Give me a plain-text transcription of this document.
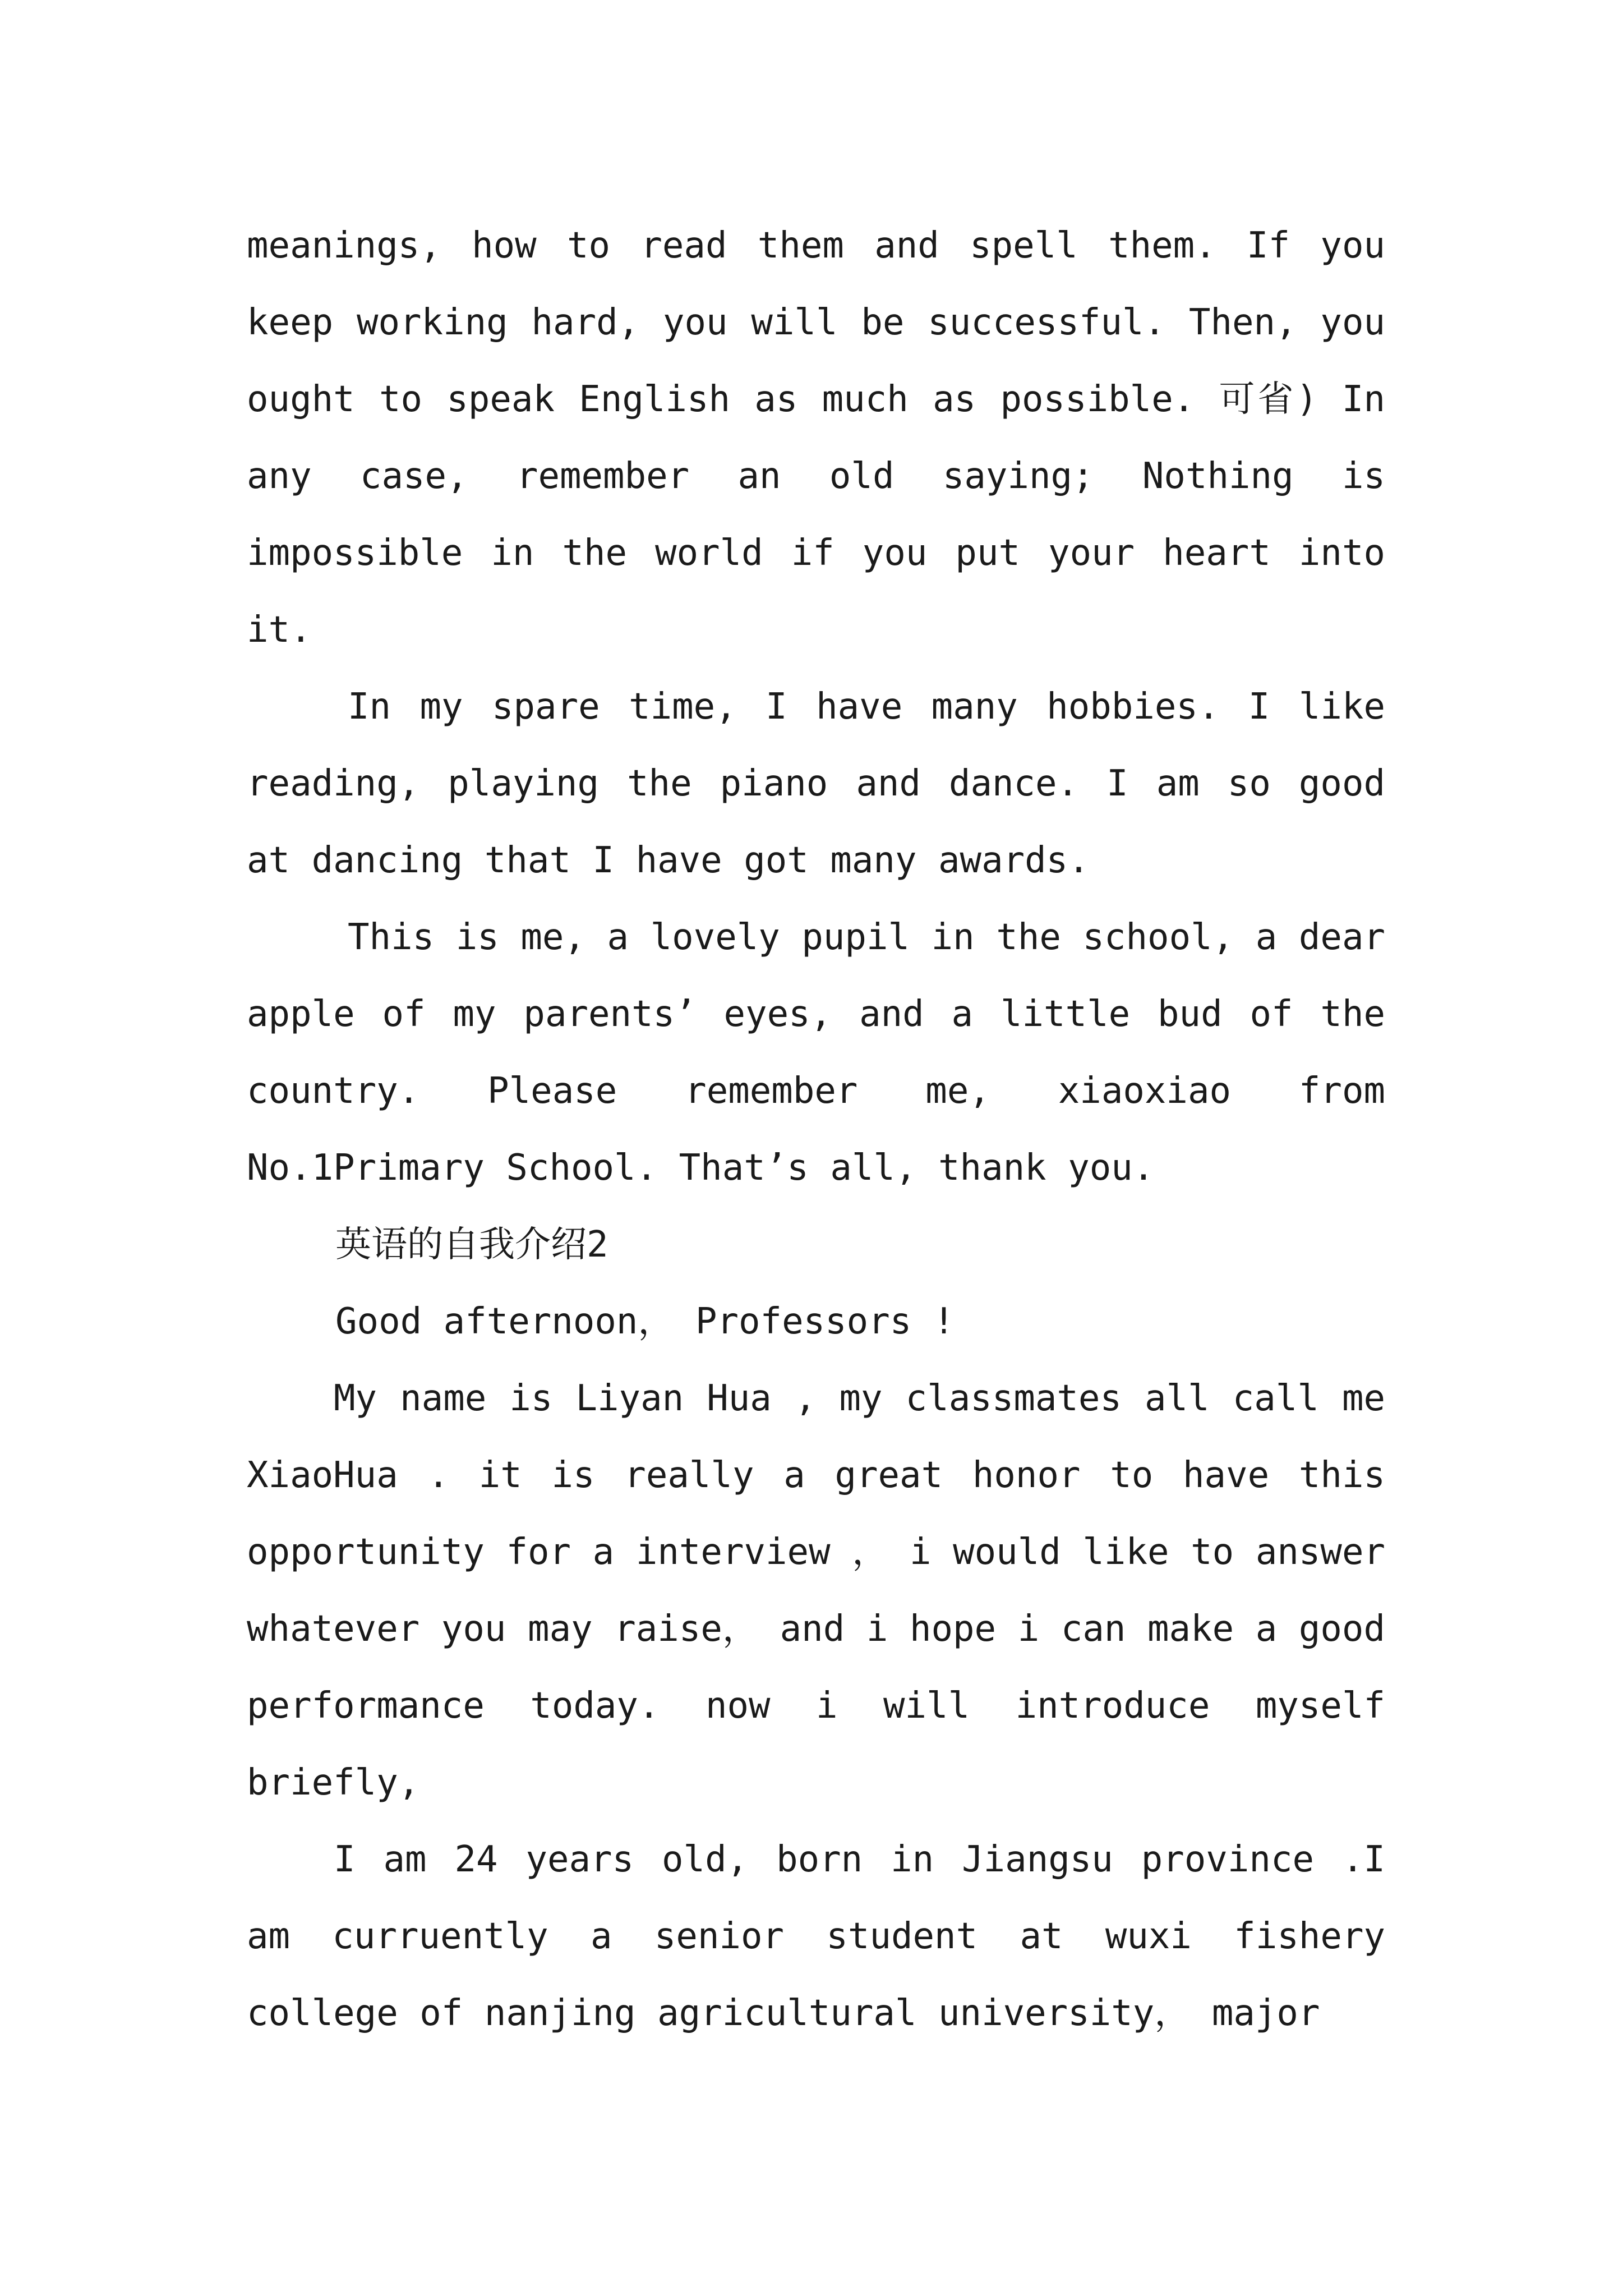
meanings, how to read them and spell them. If you keep working hard, you will be successful. Then, you ought to speak English as much as possible. 可省) In any case, remember an old saying; Nothing is impossible in the world if you put your heart into it.

In my spare time, I have many hobbies. I like reading, playing the piano and dance. I am so good at dancing that I have got many awards.

This is me, a lovely pupil in the school, a dear apple of my parents’ eyes, and a little bud of the country. Please remember me, xiaoxiao from No.1Primary School. That’s all, thank you.

英语的自我介绍2

Good afternoon， Professors !

My name is Liyan Hua , my classmates all call me XiaoHua . it is really a great honor to have this opportunity for a interview ， i would like to answer whatever you may raise， and i hope i can make a good performance today. now i will introduce myself briefly,

I am 24 years old, born in Jiangsu province .I am curruently a senior student at wuxi fishery college of nanjing agricultural university， major
